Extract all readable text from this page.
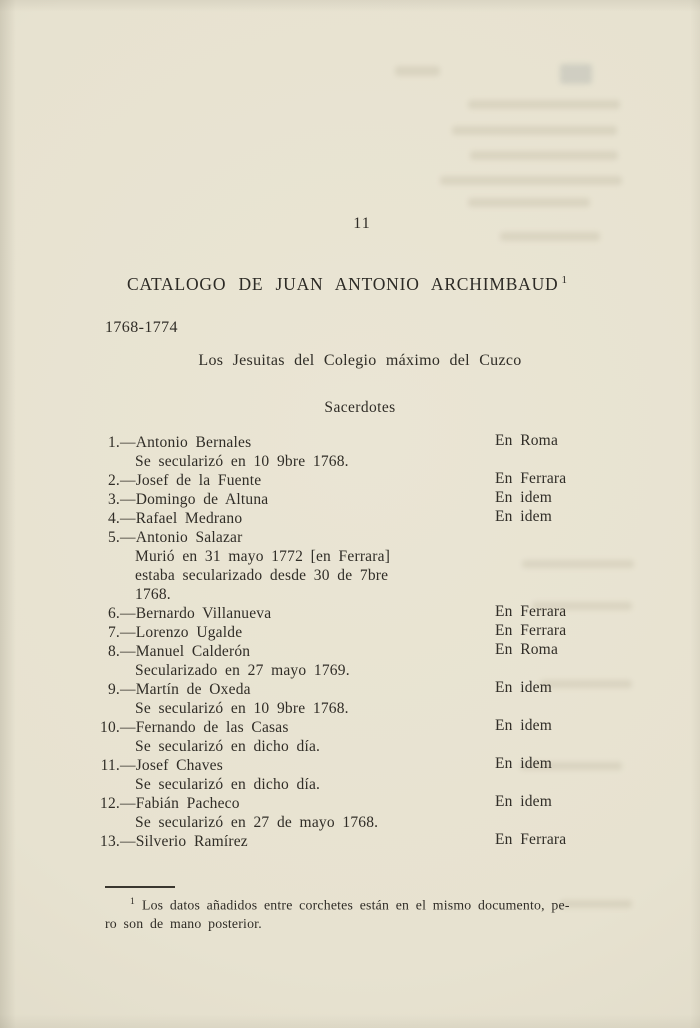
11
CATALOGO DE JUAN ANTONIO ARCHIMBAUD $^1$
1768-1774
Los Jesuitas del Colegio máximo del Cuzco
Sacerdotes
1.—Antonio Bernales	En Roma
Se secularizó en 10 9bre 1768.
2.—Josef de la Fuente	En Ferrara
3.—Domingo de Altuna	En idem
4.—Rafael Medrano	En idem
5.—Antonio Salazar
Murió en 31 mayo 1772 [en Ferrara]
estaba secularizado desde 30 de 7bre
1768.
6.—Bernardo Villanueva	En Ferrara
7.—Lorenzo Ugalde	En Ferrara
8.—Manuel Calderón	En Roma
Secularizado en 27 mayo 1769.
9.—Martín de Oxeda	En idem
Se secularizó en 10 9bre 1768.
10.—Fernando de las Casas	En idem
Se secularizó en dicho día.
11.—Josef Chaves	En idem
Se secularizó en dicho día.
12.—Fabián Pacheco	En idem
Se secularizó en 27 de mayo 1768.
13.—Silverio Ramírez	En Ferrara
$^1$ Los datos añadidos entre corchetes están en el mismo documento, pe-
ro son de mano posterior.
